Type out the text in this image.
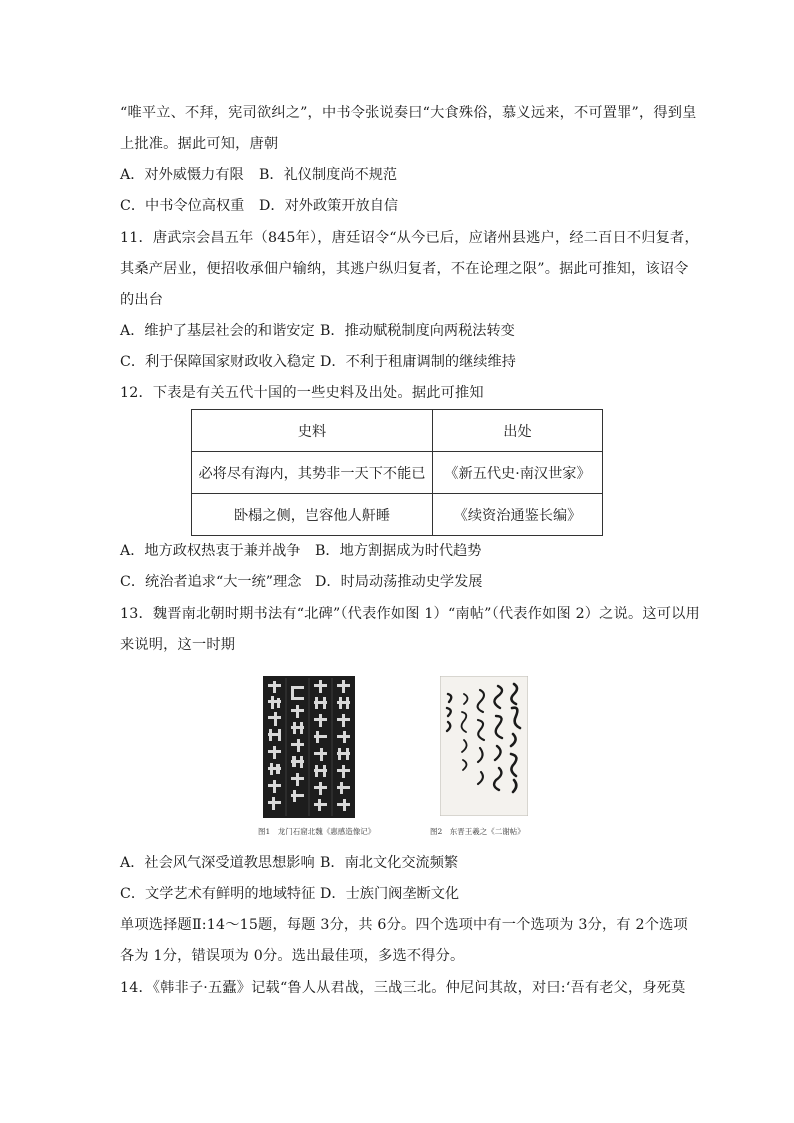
“唯平立、不拜，宪司欲纠之”，中书令张说奏曰“大食殊俗，慕义远来，不可置罪”，得到皇
上批准。据此可知，唐朝
A．对外威慑力有限 B．礼仪制度尚不规范
C．中书令位高权重 D．对外政策开放自信
11．唐武宗会昌五年（845年），唐廷诏令“从今已后，应诸州县逃户，经二百日不归复者，
其桑产居业，便招收承佃户输纳，其逃户纵归复者，不在论理之限”。据此可推知，该诏令
的出台
A．维护了基层社会的和谐安定 B．推动赋税制度向两税法转变
C．利于保障国家财政收入稳定 D．不利于租庸调制的继续维持
12．下表是有关五代十国的一些史料及出处。据此可推知
史料	出处
必将尽有海内，其势非一天下不能已	《新五代史·南汉世家》
卧榻之侧，岂容他人鼾睡	《续资治通鉴长编》
A．地方政权热衷于兼并战争 B．地方割据成为时代趋势
C．统治者追求“大一统”理念 D．时局动荡推动史学发展
13．魏晋南北朝时期书法有“北碑”（代表作如图 1）“南帖”（代表作如图 2）之说。这可以用
来说明，这一时期
图1　龙门石窟北魏《惠感造像记》	图2　东晋王羲之《二谢帖》
A．社会风气深受道教思想影响 B．南北文化交流频繁
C．文学艺术有鲜明的地域特征 D．士族门阀垄断文化
单项选择题Ⅱ:14～15题，每题 3分，共 6分。四个选项中有一个选项为 3分，有 2个选项
各为 1分，错误项为 0分。选出最佳项，多选不得分。
14．《韩非子·五蠹》记载“鲁人从君战，三战三北。仲尼问其故，对曰:‘吾有老父，身死莫
